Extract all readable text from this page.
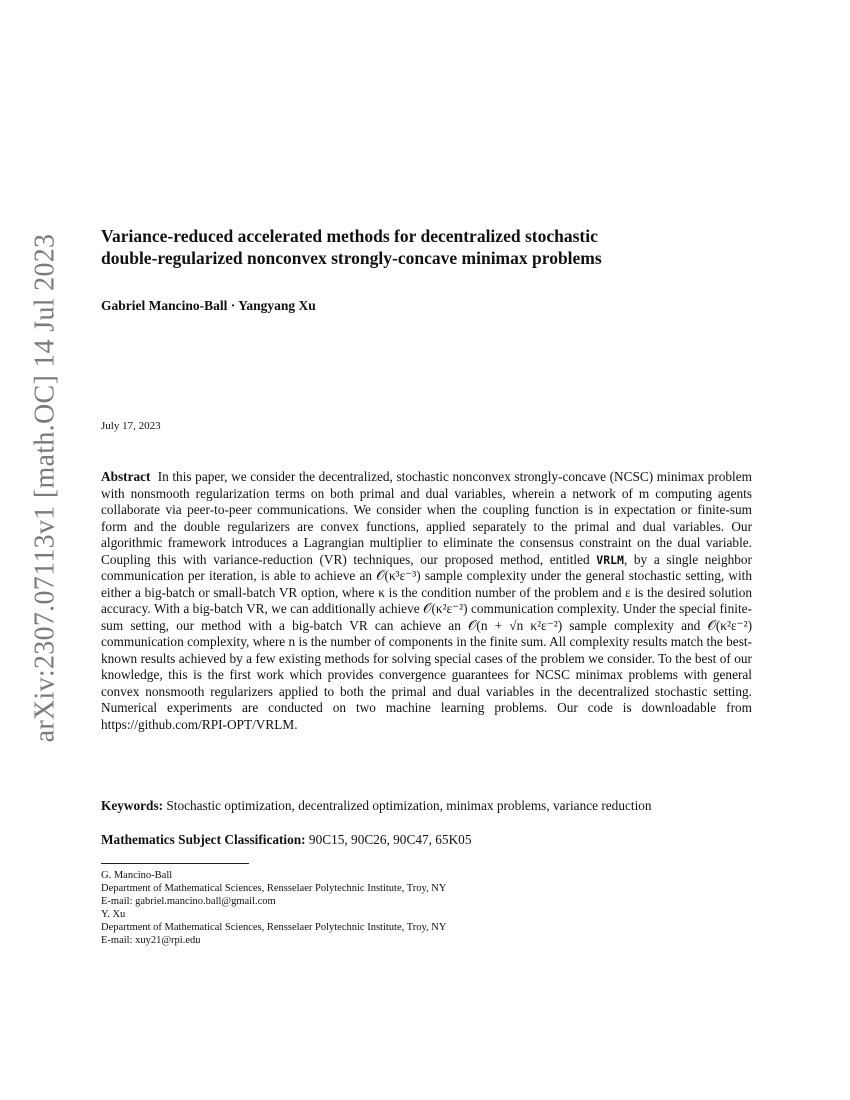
arXiv:2307.07113v1 [math.OC] 14 Jul 2023 Variance-reduced accelerated methods for decentralized stochastic
double-regularized nonconvex strongly-concave minimax problems
Gabriel Mancino-Ball · Yangyang Xu
July 17, 2023

Abstract In this paper, we consider the decentralized, stochastic nonconvex strongly-concave (NCSC) minimax problem with nonsmooth regularization terms on both primal and dual variables, wherein a network of m computing agents collaborate via peer-to-peer communications. We consider when the coupling function is in expectation or finite-sum form and the double regularizers are convex functions, applied separately to the primal and dual variables. Our algorithmic framework introduces a Lagrangian multiplier to eliminate the consensus constraint on the dual variable. Coupling this with variance-reduction (VR) techniques, our proposed method, entitled VRLM, by a single neighbor communication per iteration, is able to achieve an 𝒪(κ³ε⁻³) sample complexity under the general stochastic setting, with either a big-batch or small-batch VR option, where κ is the condition number of the problem and ε is the desired solution accuracy. With a big-batch VR, we can additionally achieve 𝒪(κ²ε⁻²) communication complexity. Under the special finite-sum setting, our method with a big-batch VR can achieve an 𝒪(n + √n κ²ε⁻²) sample complexity and 𝒪(κ²ε⁻²) communication complexity, where n is the number of components in the finite sum. All complexity results match the best-known results achieved by a few existing methods for solving special cases of the problem we consider. To the best of our knowledge, this is the first work which provides convergence guarantees for NCSC minimax problems with general convex nonsmooth regularizers applied to both the primal and dual variables in the decentralized stochastic setting. Numerical experiments are conducted on two machine learning problems. Our code is downloadable from https://github.com/RPI-OPT/VRLM.

Keywords: Stochastic optimization, decentralized optimization, minimax problems, variance reduction
Mathematics Subject Classification: 90C15, 90C26, 90C47, 65K05
G. Mancino-Ball
Department of Mathematical Sciences, Rensselaer Polytechnic Institute, Troy, NY
E-mail: gabriel.mancino.ball@gmail.com
Y. Xu
Department of Mathematical Sciences, Rensselaer Polytechnic Institute, Troy, NY
E-mail: xuy21@rpi.edu
